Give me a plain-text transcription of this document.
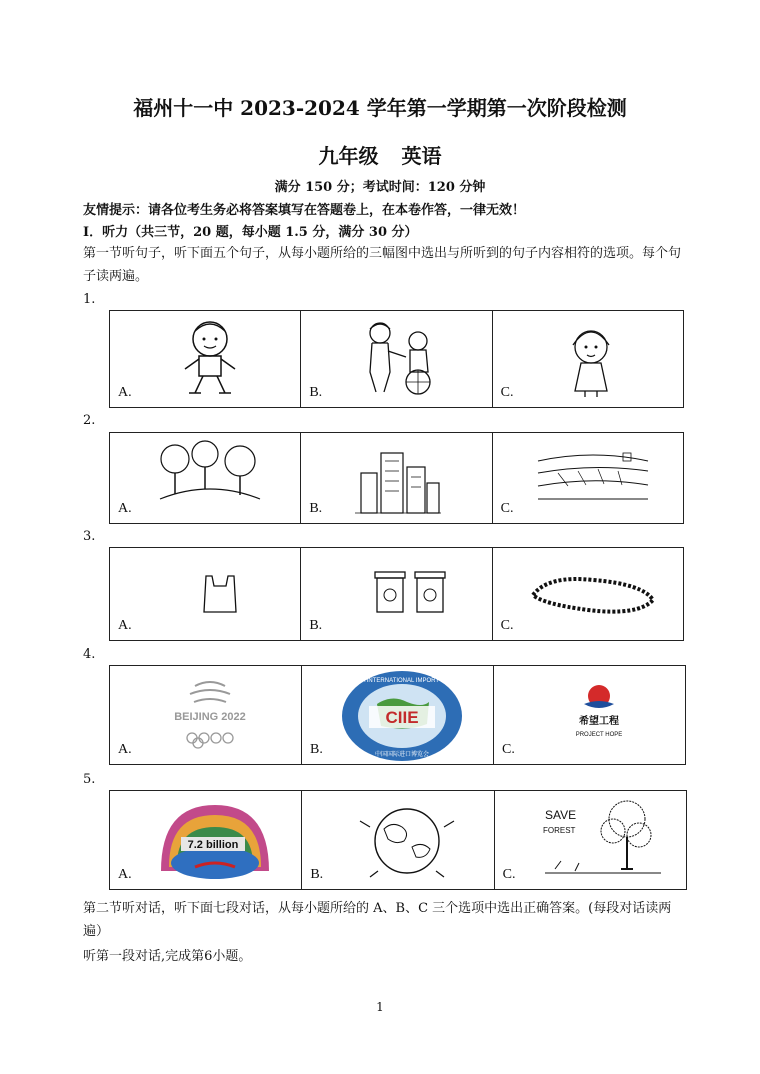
福州十一中 2023-2024 学年第一学期第一次阶段检测
九年级 英语
满分 150 分；考试时间：120 分钟
友情提示：请各位考生务必将答案填写在答题卷上，在本卷作答，一律无效！
Ⅰ．听力（共三节，20 题，每小题 1.5 分，满分 30 分）
第一节听句子，听下面五个句子，从每小题所给的三幅图中选出与所听到的句子内容相符的选项。每个句子读两遍。
1.
A.	B.	C.
2.
A.	B.	C.
3.
A.	B.	C.
4.
BEIJING 2022
A.

CIIE
CHINA INTERNATIONAL IMPORT EXPO
中国国际进口博览会
B.

希望工程
PROJECT HOPE
C.
5.
7.2 billion
A.	B.

SAVE
FOREST
C.
第二节听对话，听下面七段对话，从每小题所给的 A、B、C 三个选项中选出正确答案。(每段对话读两遍）
听第一段对话,完成第6小题。
1
